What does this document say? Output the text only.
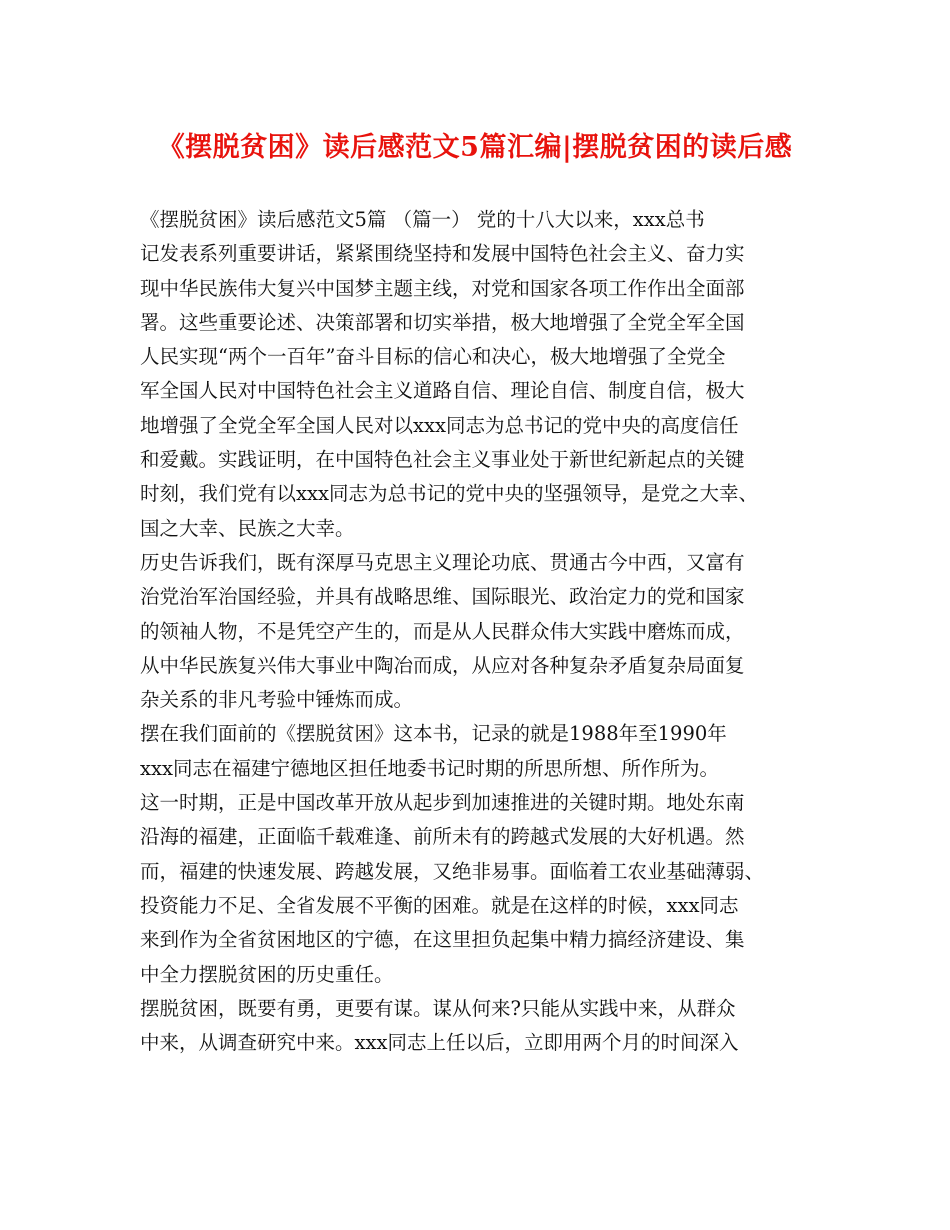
《摆脱贫困》读后感范文5篇汇编|摆脱贫困的读后感
《摆脱贫困》读后感范文5篇 （篇一） 党的十八大以来，xxx总书
记发表系列重要讲话，紧紧围绕坚持和发展中国特色社会主义、奋力实
现中华民族伟大复兴中国梦主题主线，对党和国家各项工作作出全面部
署。这些重要论述、决策部署和切实举措，极大地增强了全党全军全国
人民实现“两个一百年”奋斗目标的信心和决心，极大地增强了全党全
军全国人民对中国特色社会主义道路自信、理论自信、制度自信，极大
地增强了全党全军全国人民对以xxx同志为总书记的党中央的高度信任
和爱戴。实践证明，在中国特色社会主义事业处于新世纪新起点的关键
时刻，我们党有以xxx同志为总书记的党中央的坚强领导，是党之大幸、
国之大幸、民族之大幸。
历史告诉我们，既有深厚马克思主义理论功底、贯通古今中西，又富有
治党治军治国经验，并具有战略思维、国际眼光、政治定力的党和国家
的领袖人物，不是凭空产生的，而是从人民群众伟大实践中磨炼而成，
从中华民族复兴伟大事业中陶冶而成，从应对各种复杂矛盾复杂局面复
杂关系的非凡考验中锤炼而成。
摆在我们面前的《摆脱贫困》这本书，记录的就是1988年至1990年
xxx同志在福建宁德地区担任地委书记时期的所思所想、所作所为。
这一时期，正是中国改革开放从起步到加速推进的关键时期。地处东南
沿海的福建，正面临千载难逢、前所未有的跨越式发展的大好机遇。然
而，福建的快速发展、跨越发展，又绝非易事。面临着工农业基础薄弱、
投资能力不足、全省发展不平衡的困难。就是在这样的时候，xxx同志
来到作为全省贫困地区的宁德，在这里担负起集中精力搞经济建设、集
中全力摆脱贫困的历史重任。
摆脱贫困，既要有勇，更要有谋。谋从何来?只能从实践中来，从群众
中来，从调查研究中来。xxx同志上任以后，立即用两个月的时间深入
